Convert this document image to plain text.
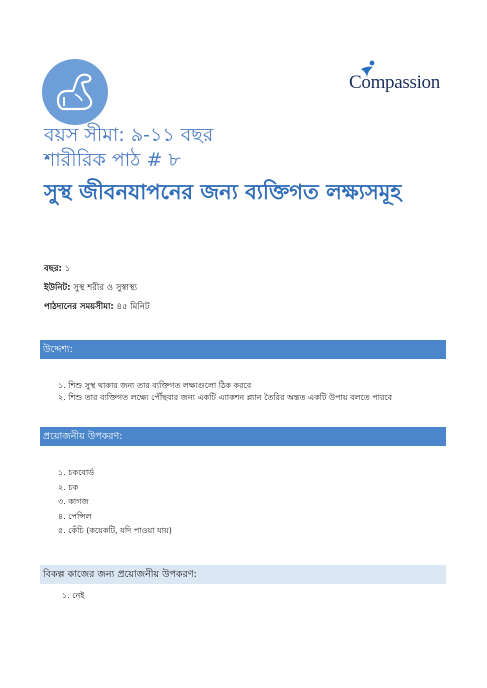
Compassion
বয়স সীমা: ৯-১১ বছর
শারীরিক পাঠ # ৮
সুস্থ জীবনযাপনের জন্য ব্যক্তিগত লক্ষ্যসমূহ
বছর: ১
ইউনিট: সুস্থ শরীর ও সুস্বাস্থ্য
পাঠদানের সময়সীমা: ৪৫ মিনিট
উদ্দেশ্য:
১. শিশু সুস্থ থাকার জন্য তার ব্যক্তিগত লক্ষ্যগুলো ঠিক করবে
২. শিশু তার ব্যক্তিগত লক্ষ্যে পৌঁছবার জন্য একটি এ্যাকশন প্ল্যান তৈরির অন্তত একটি উপায় বলতে পারবে
প্রয়োজনীয় উপকরণ:
১. চকবোর্ড
২. চক
৩. কাগজ
৪. পেন্সিল
৫. কেঁচি (কয়েকটি, যদি পাওয়া যায়)
বিকল্প কাজের জন্য প্রয়োজনীয় উপকরণ:
১. নেই
